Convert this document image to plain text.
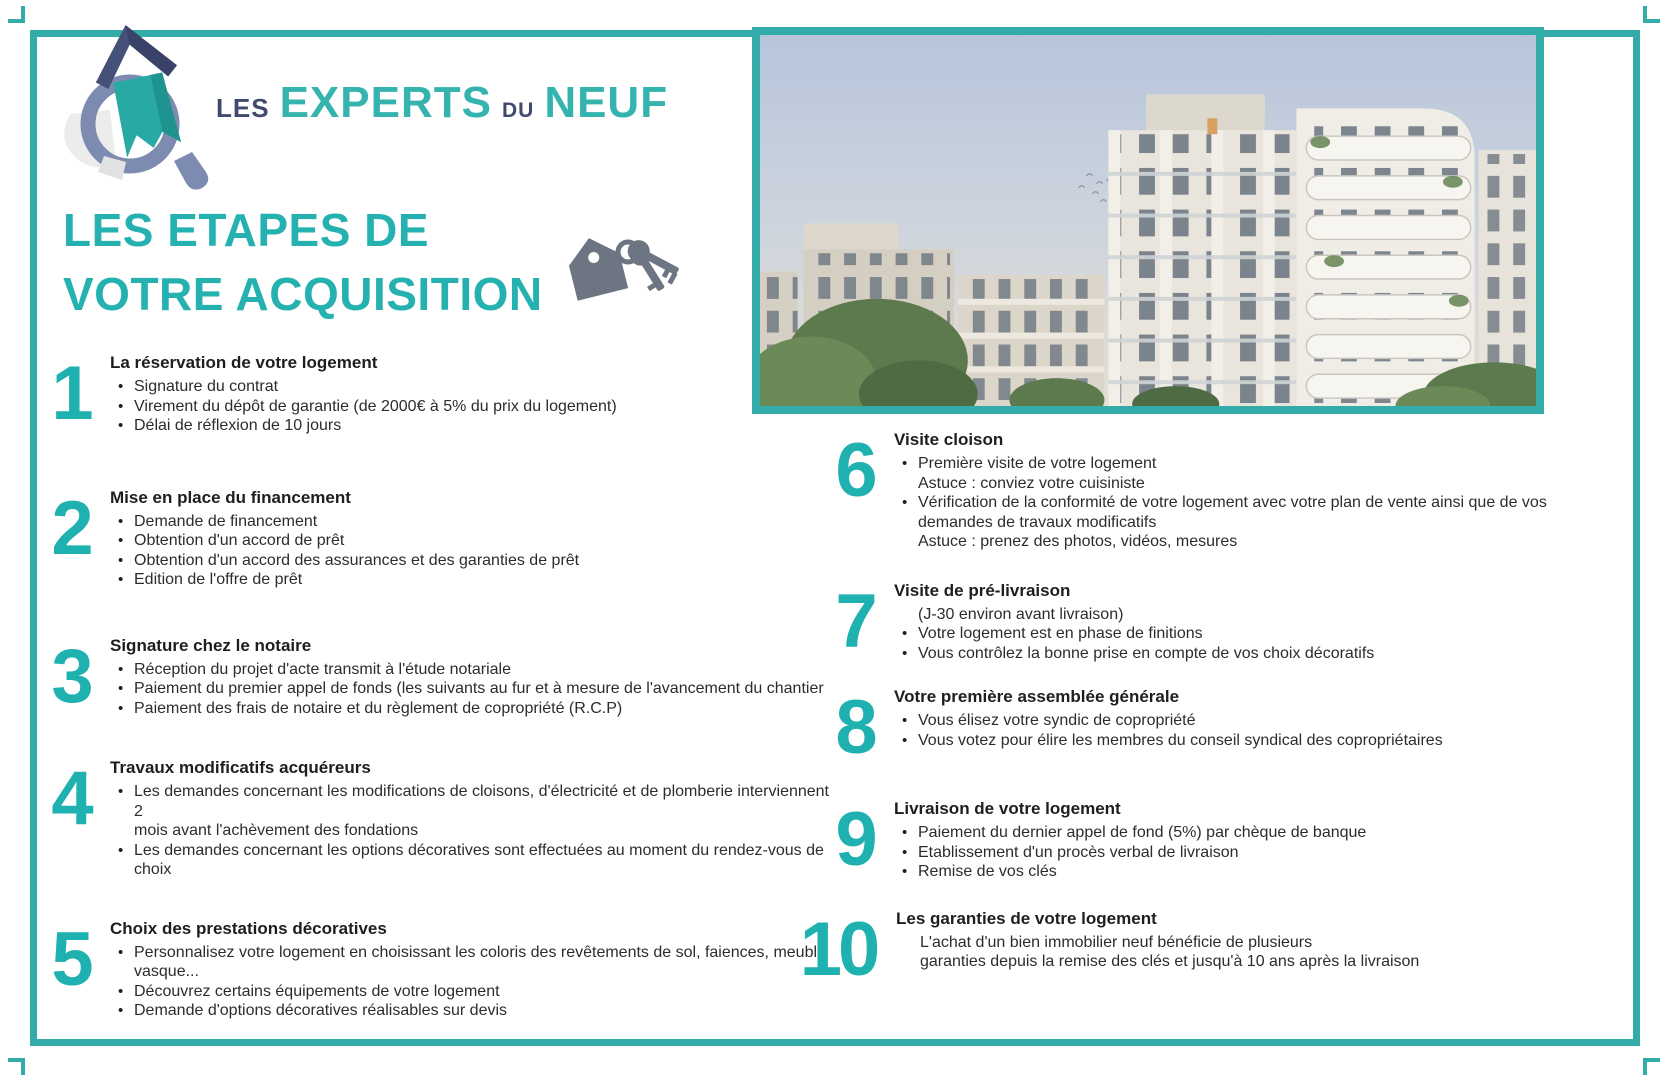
LES EXPERTS DU NEUF
LES ETAPES DE
VOTRE ACQUISITION
1	La réservation de votre logement
• Signature du contrat
• Virement du dépôt de garantie (de 2000€ à 5% du prix du logement)
• Délai de réflexion de 10 jours
2	Mise en place du financement
• Demande de financement
• Obtention d'un accord de prêt
• Obtention d'un accord des assurances et des garanties de prêt
• Edition de l'offre de prêt
3	Signature chez le notaire
• Réception du projet d'acte transmit à l'étude notariale
• Paiement du premier appel de fonds (les suivants au fur et à mesure de l'avancement du chantier
• Paiement des frais de notaire et du règlement de copropriété (R.C.P)
4	Travaux modificatifs acquéreurs
• Les demandes concernant les modifications de cloisons, d'électricité et de plomberie interviennent 2
mois avant l'achèvement des fondations
• Les demandes concernant les options décoratives sont effectuées au moment du rendez-vous de choix
5	Choix des prestations décoratives
• Personnalisez votre logement en choisissant les coloris des revêtements de sol, faiences, meuble
vasque...
• Découvrez certains équipements de votre logement
• Demande d'options décoratives réalisables sur devis
6	Visite cloison
• Première visite de votre logement
Astuce : conviez votre cuisiniste
• Vérification de la conformité de votre logement avec votre plan de vente ainsi que de vos
demandes de travaux modificatifs
Astuce : prenez des photos, vidéos, mesures
7	Visite de pré-livraison
(J-30 environ avant livraison)
• Votre logement est en phase de finitions
• Vous contrôlez la bonne prise en compte de vos choix décoratifs
8	Votre première assemblée générale
• Vous élisez votre syndic de copropriété
• Vous votez pour élire les membres du conseil syndical des copropriétaires
9	Livraison de votre logement
• Paiement du dernier appel de fond (5%) par chèque de banque
• Etablissement d'un procès verbal de livraison
• Remise de vos clés
10	Les garanties de votre logement
L'achat d'un bien immobilier neuf bénéficie de plusieurs
garanties depuis la remise des clés et jusqu'à 10 ans après la livraison
